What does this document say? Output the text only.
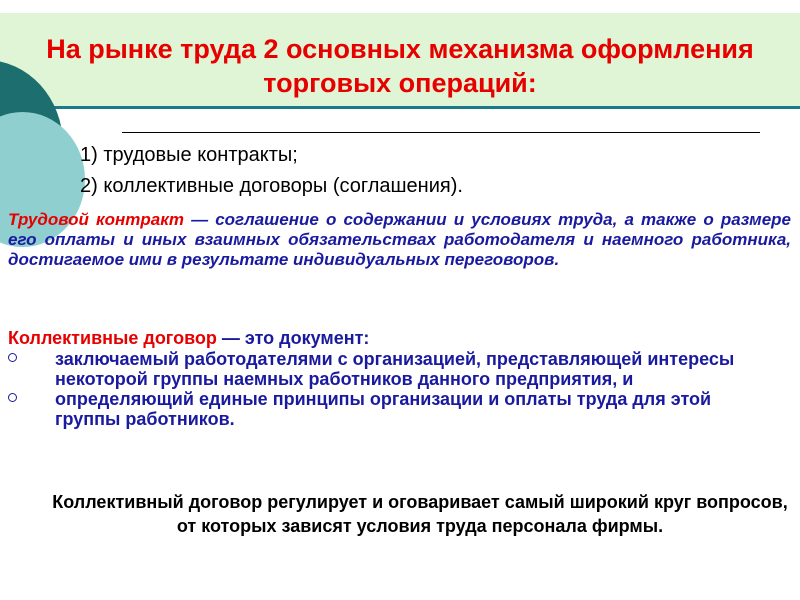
На рынке труда 2 основных механизма оформления торговых операций:
1) трудовые контракты;
2) коллективные договоры (соглашения).
Трудовой контракт — соглашение о содержании и условиях труда, а также о размере его оплаты и иных взаимных обязательствах работодателя и наемного работника, достигаемое ими в результате индивидуальных переговоров.
Коллективные договор — это документ:
заключаемый работодателями с организацией, представляющей интересы некоторой группы наемных работников данного предприятия, и
определяющий единые принципы организации и оплаты труда для этой группы работников.
Коллективный договор регулирует и оговаривает самый широкий круг вопросов, от которых зависят условия труда персонала фирмы.
